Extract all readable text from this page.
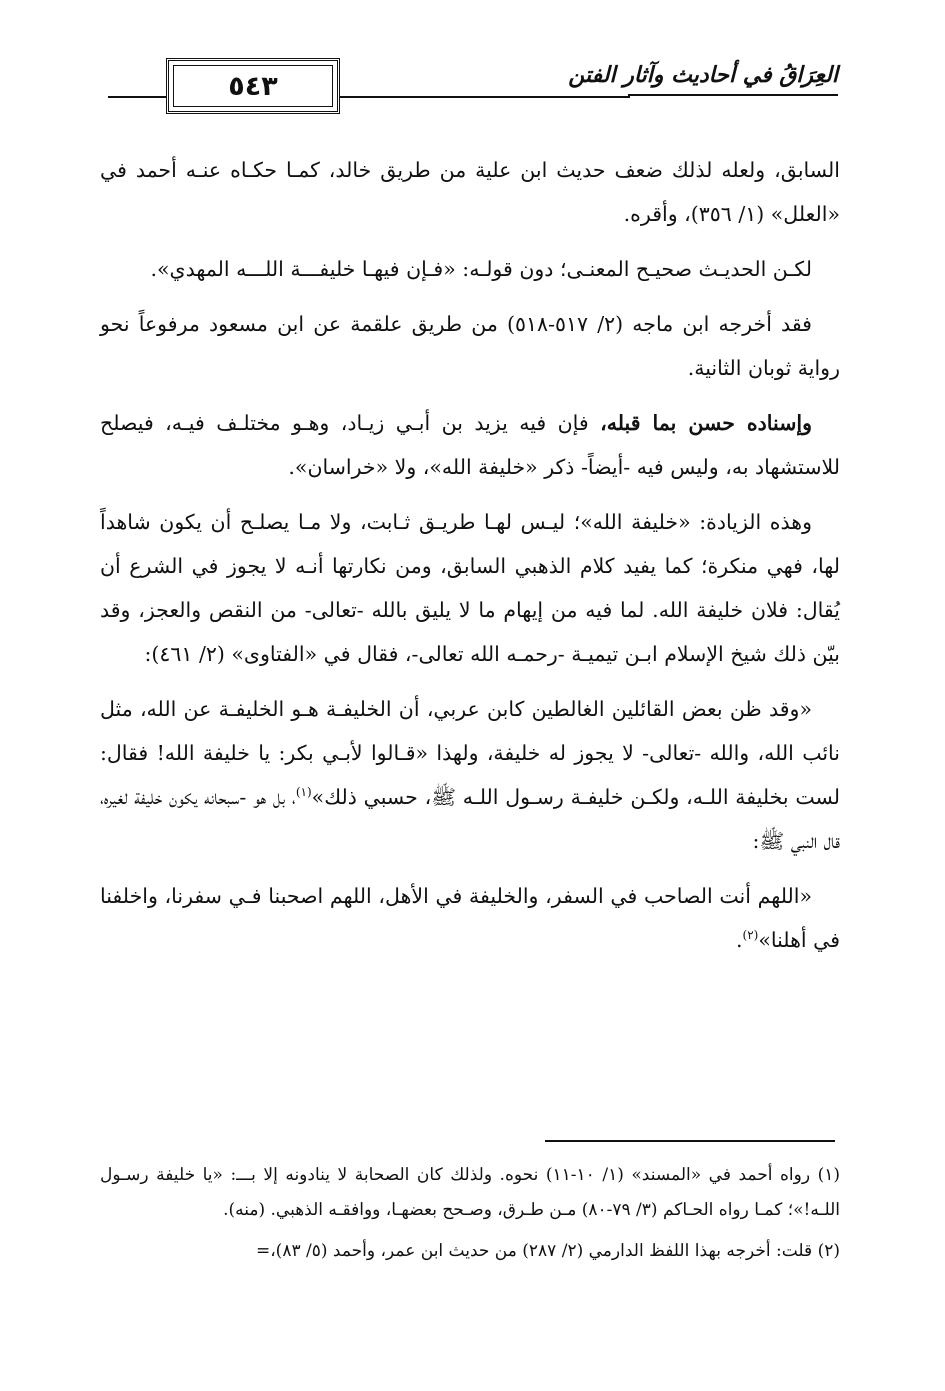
٥٤٣	العِرَاقُ في أحاديث وآثار الفتن

السابق، ولعله لذلك ضعف حديث ابن علية من طريق خالد، كمـا حكـاه عنـه أحمد في «العلل» (١/ ٣٥٦)، وأقره.

لكـن الحديـث صحيـح المعنـى؛ دون قولـه: «فـإن فيهـا خليفـــة اللـــه المهدي».

فقد أخرجه ابن ماجه (٢/ ٥١٧-٥١٨) من طريق علقمة عن ابن مسعود مرفوعاً نحو رواية ثوبان الثانية.

وإسناده حسن بما قبله، فإن فيه يزيد بن أبـي زيـاد، وهـو مختلـف فيـه، فيصلح للاستشهاد به، وليس فيه -أيضاً- ذكر «خليفة الله»، ولا «خراسان».

وهذه الزيادة: «خليفة الله»؛ ليـس لهـا طريـق ثـابت، ولا مـا يصلـح أن يكون شاهداً لها، فهي منكرة؛ كما يفيد كلام الذهبي السابق، ومن نكارتها أنـه لا يجوز في الشرع أن يُقال: فلان خليفة الله. لما فيه من إيهام ما لا يليق بالله -تعالى- من النقص والعجز، وقد بيّن ذلك شيخ الإسلام ابـن تيميـة -رحمـه الله تعالى-، فقال في «الفتاوى» (٢/ ٤٦١):

«وقد ظن بعض القائلين الغالطين كابن عربي، أن الخليفـة هـو الخليفـة عن الله، مثل نائب الله، والله -تعالى- لا يجوز له خليفة، ولهذا «قـالوا لأبـي بكر: يا خليفة الله! فقال: لست بخليفة اللـه، ولكـن خليفـة رسـول اللـه ﷺ، حسبي ذلك»$^{(١)}$، بل هو -سبحانه يكون خليفة لغيره، قال النبي ﷺ:

«اللهم أنت الصاحب في السفر، والخليفة في الأهل، اللهم اصحبنا فـي سفرنا، واخلفنا في أهلنا»$^{(٢)}$.

(١) رواه أحمد في «المسند» (١/ ١٠-١١) نحوه. ولذلك كان الصحابة لا ينادونه إلا بـــ: «يا خليفة رسـول اللـه!»؛ كمـا رواه الحـاكم (٣/ ٧٩-٨٠) مـن طـرق، وصـحح بعضهـا، ووافقـه الذهبي. (منه).

(٢) قلت: أخرجه بهذا اللفظ الدارمي (٢/ ٢٨٧) من حديث ابن عمر، وأحمد (٥/ ٨٣)،=
